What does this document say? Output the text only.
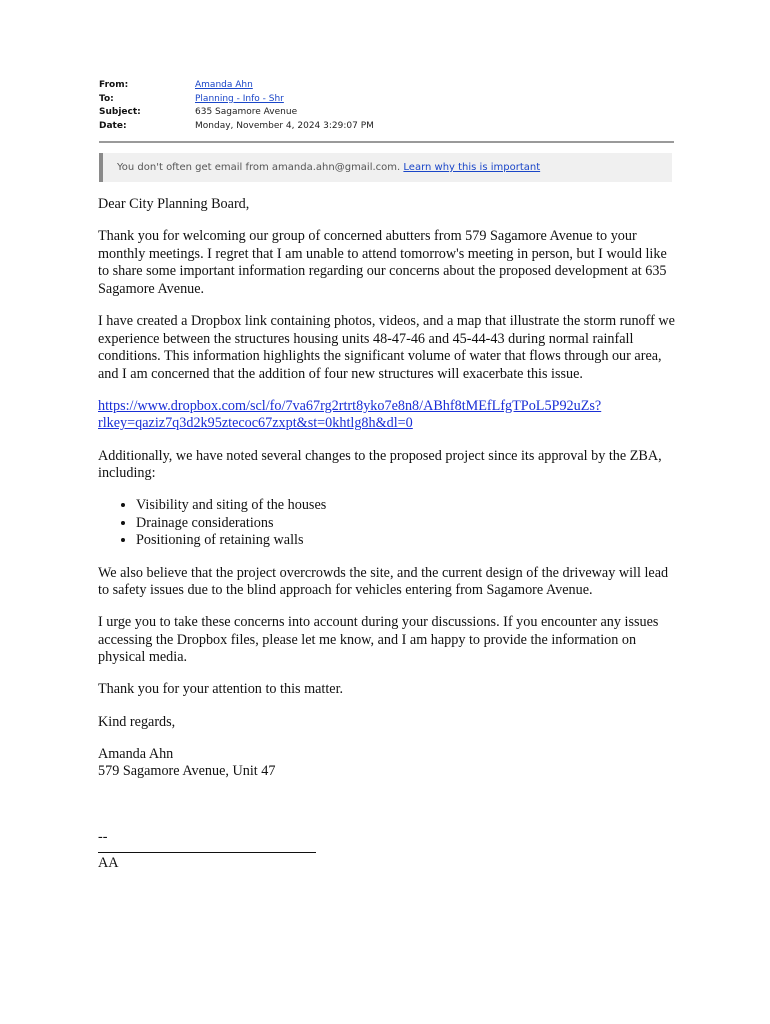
From:	Amanda Ahn
To:	Planning - Info - Shr
Subject:	635 Sagamore Avenue
Date:	Monday, November 4, 2024 3:29:07 PM
You don't often get email from amanda.ahn@gmail.com. Learn why this is important

Dear City Planning Board,

Thank you for welcoming our group of concerned abutters from 579 Sagamore Avenue to your monthly meetings. I regret that I am unable to attend tomorrow's meeting in person, but I would like to share some important information regarding our concerns about the proposed development at 635 Sagamore Avenue.

I have created a Dropbox link containing photos, videos, and a map that illustrate the storm runoff we experience between the structures housing units 48-47-46 and 45-44-43 during normal rainfall conditions. This information highlights the significant volume of water that flows through our area, and I am concerned that the addition of four new structures will exacerbate this issue.

https://www.dropbox.com/scl/fo/7va67rg2rtrt8yko7e8n8/ABhf8tMEfLfgTPoL5P92uZs?
rlkey=qaziz7q3d2k95ztecoc67zxpt&st=0khtlg8h&dl=0

Additionally, we have noted several changes to the proposed project since its approval by the ZBA, including:

• Visibility and siting of the houses
• Drainage considerations
• Positioning of retaining walls

We also believe that the project overcrowds the site, and the current design of the driveway will lead to safety issues due to the blind approach for vehicles entering from Sagamore Avenue.

I urge you to take these concerns into account during your discussions. If you encounter any issues accessing the Dropbox files, please let me know, and I am happy to provide the information on physical media.

Thank you for your attention to this matter.

Kind regards,

Amanda Ahn
579 Sagamore Avenue, Unit 47

--
AA
